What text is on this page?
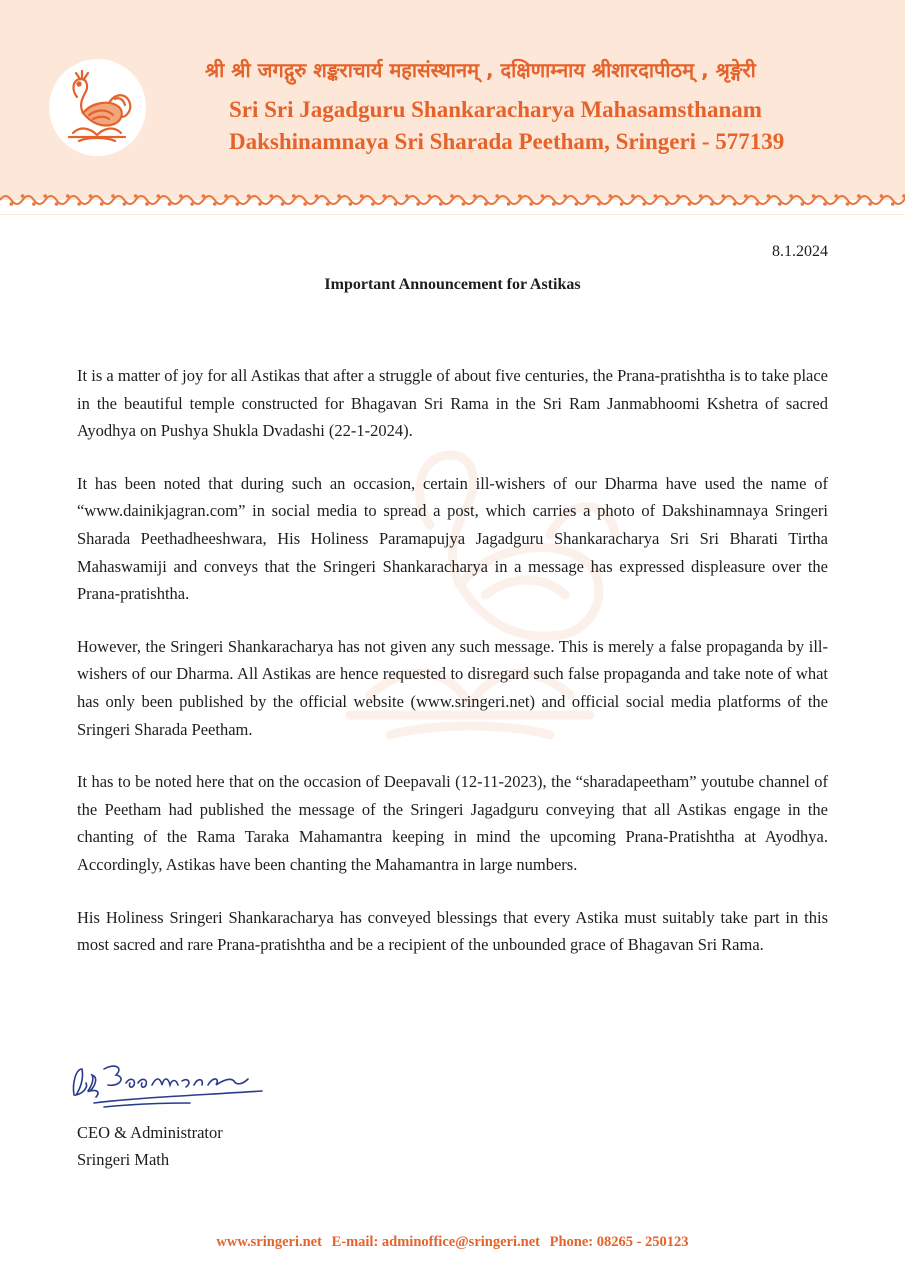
श्री श्री जगद्गुरु शङ्कराचार्य महासंस्थानम् , दक्षिणाम्नाय श्रीशारदापीठम् , श्रृङ्गेरी
Sri Sri Jagadguru Shankaracharya Mahasamsthanam
Dakshinamnaya Sri Sharada Peetham, Sringeri - 577139
8.1.2024
Important Announcement for Astikas

It is a matter of joy for all Astikas that after a struggle of about five centuries, the Prana-pratishtha is to take place in the beautiful temple constructed for Bhagavan Sri Rama in the Sri Ram Janmabhoomi Kshetra of sacred Ayodhya on Pushya Shukla Dvadashi (22-1-2024).

It has been noted that during such an occasion, certain ill-wishers of our Dharma have used the name of “www.dainikjagran.com” in social media to spread a post, which carries a photo of Dakshinamnaya Sringeri Sharada Peethadheeshwara, His Holiness Paramapujya Jagadguru Shankaracharya Sri Sri Bharati Tirtha Mahaswamiji and conveys that the Sringeri Shankaracharya in a message has expressed displeasure over the Prana-pratishtha.

However, the Sringeri Shankaracharya has not given any such message. This is merely a false propaganda by ill-wishers of our Dharma. All Astikas are hence requested to disregard such false propaganda and take note of what has only been published by the official website (www.sringeri.net) and official social media platforms of the Sringeri Sharada Peetham.

It has to be noted here that on the occasion of Deepavali (12-11-2023), the “sharadapeetham” youtube channel of the Peetham had published the message of the Sringeri Jagadguru conveying that all Astikas engage in the chanting of the Rama Taraka Mahamantra keeping in mind the upcoming Prana-Pratishtha at Ayodhya. Accordingly, Astikas have been chanting the Mahamantra in large numbers.

His Holiness Sringeri Shankaracharya has conveyed blessings that every Astika must suitably take part in this most sacred and rare Prana-pratishtha and be a recipient of the unbounded grace of Bhagavan Sri Rama.

CEO & Administrator
Sringeri Math
www.sringeri.net E-mail: adminoffice@sringeri.net Phone: 08265 - 250123
